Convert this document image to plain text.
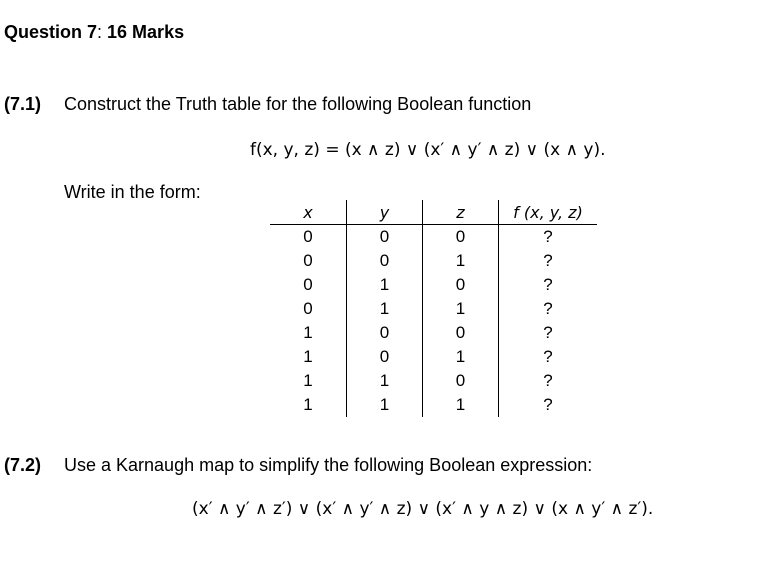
Question 7: 16 Marks
(7.1) Construct the Truth table for the following Boolean function
f(x, y, z) = (x ∧ z) ∨ (x′ ∧ y′ ∧ z) ∨ (x ∧ y).
Write in the form:
x	y	z	f (x, y, z)
0	0	0	?
0	0	1	?
0	1	0	?
0	1	1	?
1	0	0	?
1	0	1	?
1	1	0	?
1	1	1	?
(7.2) Use a Karnaugh map to simplify the following Boolean expression:
(x′ ∧ y′ ∧ z′) ∨ (x′ ∧ y′ ∧ z) ∨ (x′ ∧ y ∧ z) ∨ (x ∧ y′ ∧ z′).
